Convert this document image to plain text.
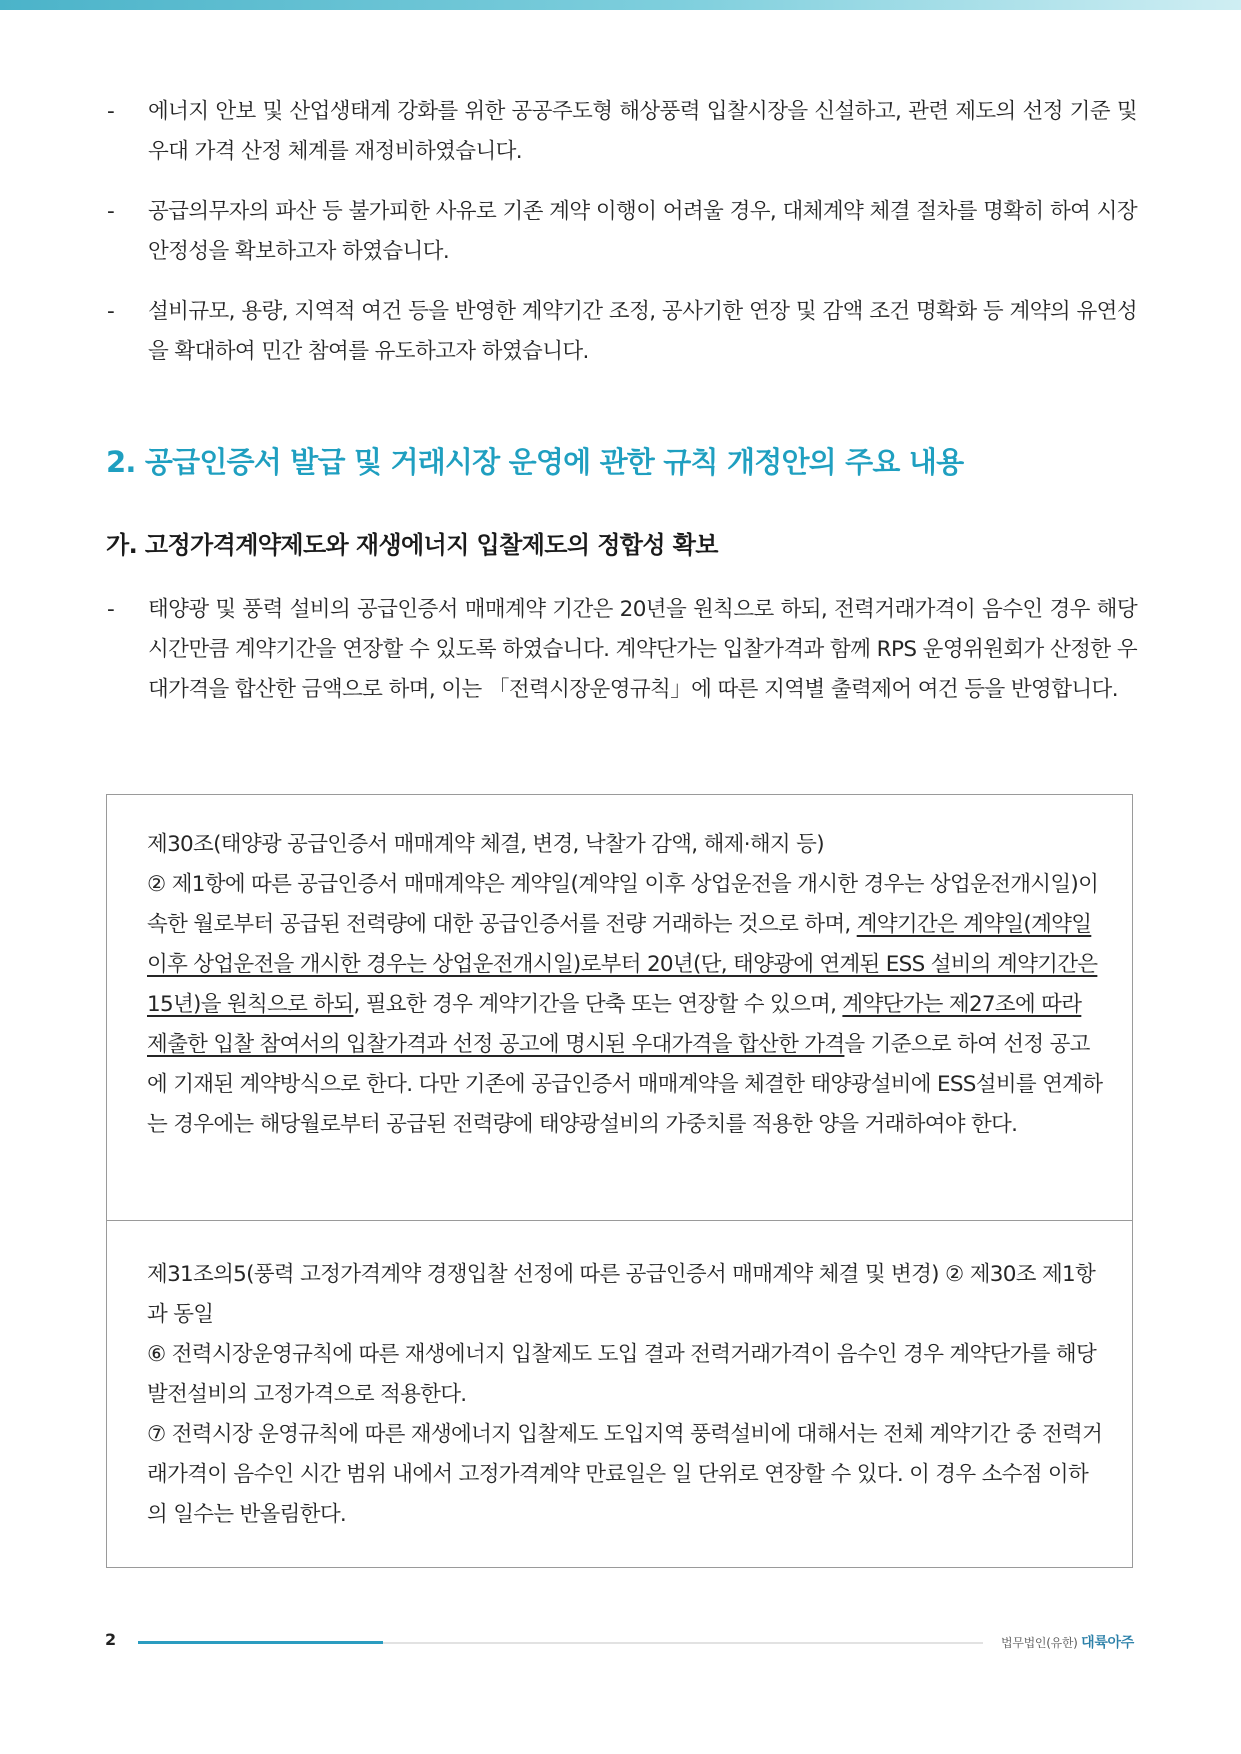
- 에너지 안보 및 산업생태계 강화를 위한 공공주도형 해상풍력 입찰시장을 신설하고, 관련 제도의 선정 기준 및 우대 가격 산정 체계를 재정비하였습니다.
- 공급의무자의 파산 등 불가피한 사유로 기존 계약 이행이 어려울 경우, 대체계약 체결 절차를 명확히 하여 시장 안정성을 확보하고자 하였습니다.
- 설비규모, 용량, 지역적 여건 등을 반영한 계약기간 조정, 공사기한 연장 및 감액 조건 명확화 등 계약의 유연성을 확대하여 민간 참여를 유도하고자 하였습니다.
2. 공급인증서 발급 및 거래시장 운영에 관한 규칙 개정안의 주요 내용
가. 고정가격계약제도와 재생에너지 입찰제도의 정합성 확보
- 태양광 및 풍력 설비의 공급인증서 매매계약 기간은 20년을 원칙으로 하되, 전력거래가격이 음수인 경우 해당 시간만큼 계약기간을 연장할 수 있도록 하였습니다. 계약단가는 입찰가격과 함께 RPS 운영위원회가 산정한 우대가격을 합산한 금액으로 하며, 이는 「전력시장운영규칙」에 따른 지역별 출력제어 여건 등을 반영합니다.
제30조(태양광 공급인증서 매매계약 체결, 변경, 낙찰가 감액, 해제·해지 등)
② 제1항에 따른 공급인증서 매매계약은 계약일(계약일 이후 상업운전을 개시한 경우는 상업운전개시일)이 속한 월로부터 공급된 전력량에 대한 공급인증서를 전량 거래하는 것으로 하며, 계약기간은 계약일(계약일 이후 상업운전을 개시한 경우는 상업운전개시일)로부터 20년(단, 태양광에 연계된 ESS 설비의 계약기간은 15년)을 원칙으로 하되, 필요한 경우 계약기간을 단축 또는 연장할 수 있으며, 계약단가는 제27조에 따라 제출한 입찰 참여서의 입찰가격과 선정 공고에 명시된 우대가격을 합산한 가격을 기준으로 하여 선정 공고에 기재된 계약방식으로 한다. 다만 기존에 공급인증서 매매계약을 체결한 태양광설비에 ESS설비를 연계하는 경우에는 해당월로부터 공급된 전력량에 태양광설비의 가중치를 적용한 양을 거래하여야 한다.
제31조의5(풍력 고정가격계약 경쟁입찰 선정에 따른 공급인증서 매매계약 체결 및 변경) ② 제30조 제1항과 동일
⑥ 전력시장운영규칙에 따른 재생에너지 입찰제도 도입 결과 전력거래가격이 음수인 경우 계약단가를 해당 발전설비의 고정가격으로 적용한다.
⑦ 전력시장 운영규칙에 따른 재생에너지 입찰제도 도입지역 풍력설비에 대해서는 전체 계약기간 중 전력거래가격이 음수인 시간 범위 내에서 고정가격계약 만료일은 일 단위로 연장할 수 있다. 이 경우 소수점 이하의 일수는 반올림한다.
2	법무법인(유한) 대륙아주
